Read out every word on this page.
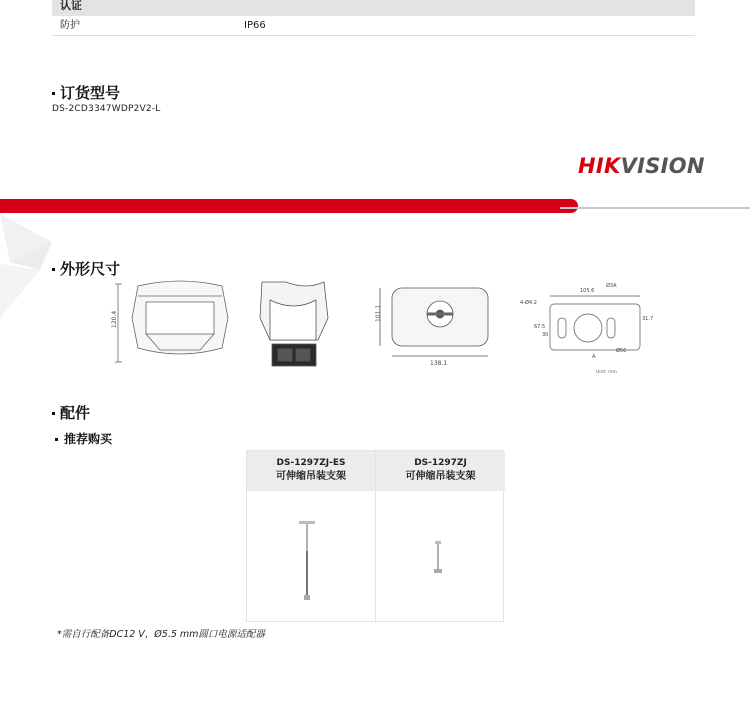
认证
防护	IP66
订货型号
DS-2CD3347WDP2V2-L
HIKVISION
外形尺寸
120.4	101.1
138.1
105.6
Ø3A
4-Ø4.2
67.5
30
31.7
Ø56
A
Unit: mm
配件
推荐购买
DS-1297ZJ-ES
可伸缩吊装支架
DS-1297ZJ
可伸缩吊装支架
*需自行配备DC12 V，Ø5.5 mm圆口电源适配器
